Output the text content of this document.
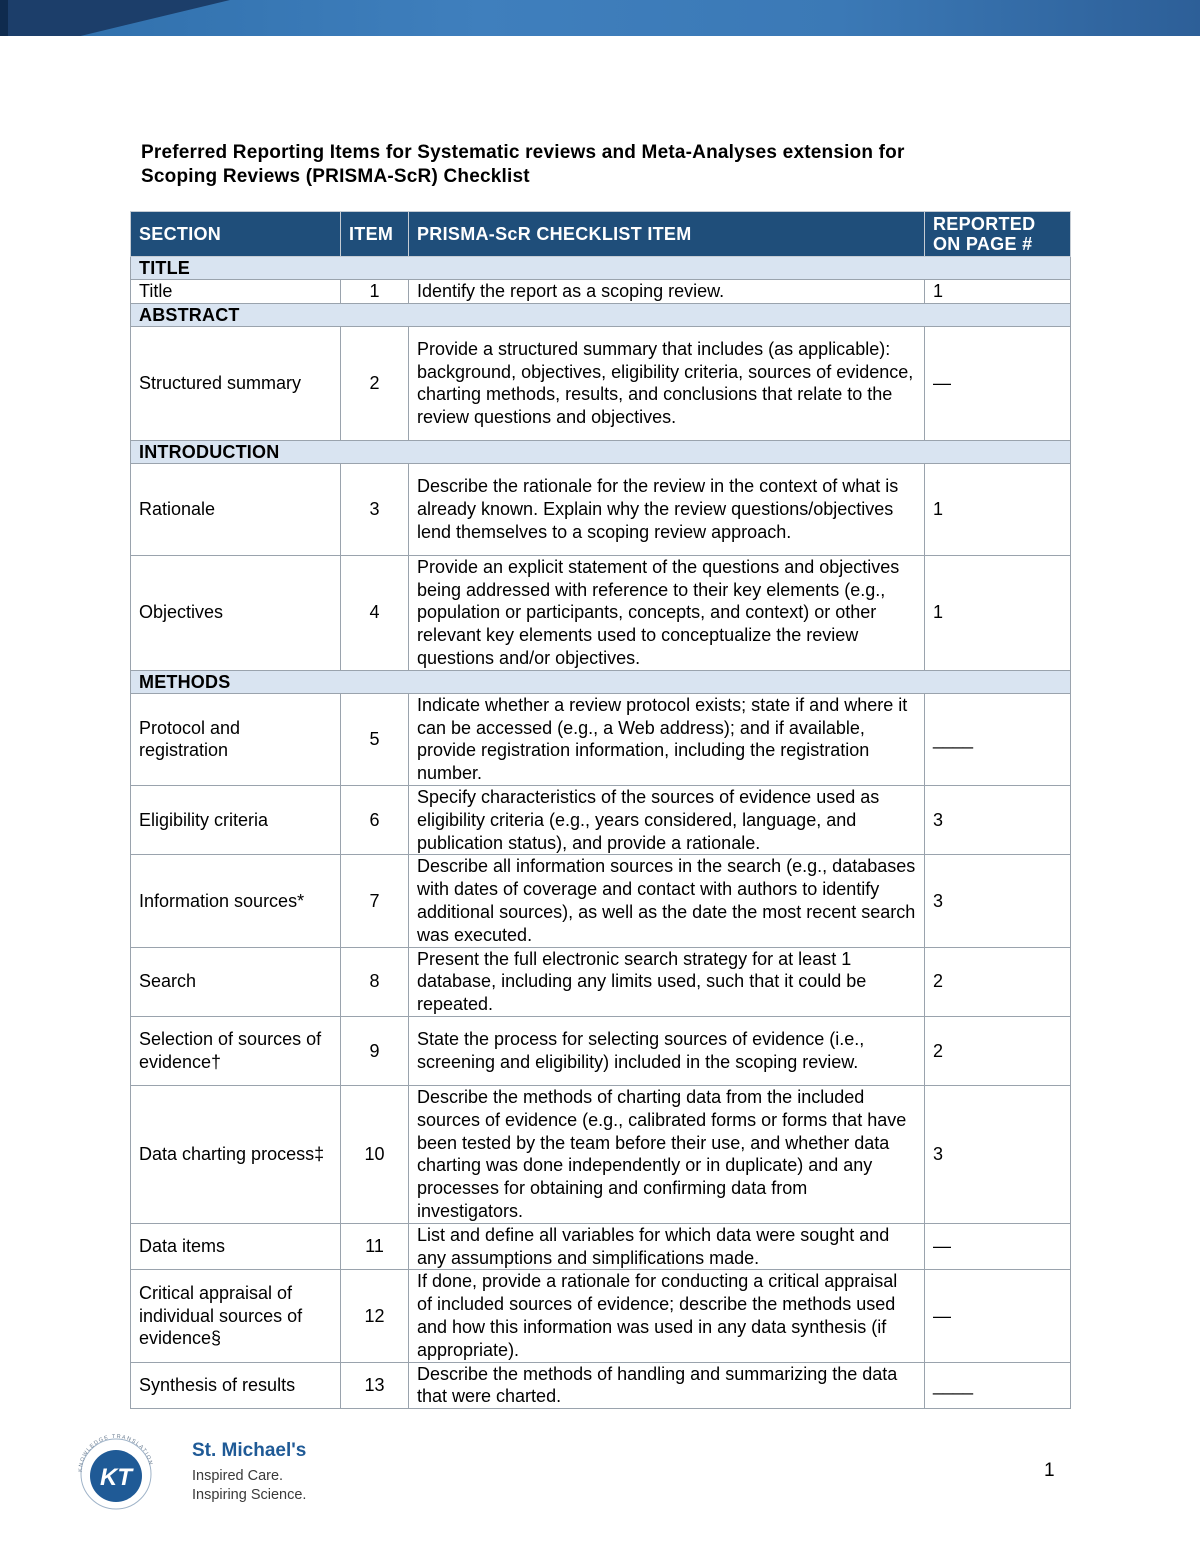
Preferred Reporting Items for Systematic reviews and Meta-Analyses extension for
Scoping Reviews (PRISMA-ScR) Checklist
SECTION	ITEM	PRISMA-ScR CHECKLIST ITEM	REPORTED
ON PAGE #

TITLE			
Title	1	Identify the report as a scoping review.	1
ABSTRACT			
Structured summary	2	Provide a structured summary that includes (as applicable): background, objectives, eligibility criteria, sources of evidence, charting methods, results, and conclusions that relate to the review questions and objectives.	—
INTRODUCTION			
Rationale	3	Describe the rationale for the review in the context of what is already known. Explain why the review questions/objectives lend themselves to a scoping review approach.	1
Objectives	4	Provide an explicit statement of the questions and objectives being addressed with reference to their key elements (e.g., population or participants, concepts, and context) or other relevant key elements used to conceptualize the review questions and/or objectives.	1
METHODS			
Protocol and registration	5	Indicate whether a review protocol exists; state if and where it can be accessed (e.g., a Web address); and if available, provide registration information, including the registration number.	____
Eligibility criteria	6	Specify characteristics of the sources of evidence used as eligibility criteria (e.g., years considered, language, and publication status), and provide a rationale.	3
Information sources*	7	Describe all information sources in the search (e.g., databases with dates of coverage and contact with authors to identify additional sources), as well as the date the most recent search was executed.	3
Search	8	Present the full electronic search strategy for at least 1 database, including any limits used, such that it could be repeated.	2
Selection of sources of evidence†	9	State the process for selecting sources of evidence (i.e., screening and eligibility) included in the scoping review.	2
Data charting process‡	10	Describe the methods of charting data from the included sources of evidence (e.g., calibrated forms or forms that have been tested by the team before their use, and whether data charting was done independently or in duplicate) and any processes for obtaining and confirming data from investigators.	3
Data items	11	List and define all variables for which data were sought and any assumptions and simplifications made.	—
Critical appraisal of individual sources of evidence§	12	If done, provide a rationale for conducting a critical appraisal of included sources of evidence; describe the methods used and how this information was used in any data synthesis (if appropriate).	—
Synthesis of results	13	Describe the methods of handling and summarizing the data that were charted.	____
KNOWLEDGE TRANSLATION
KT
St. Michael's
Inspired Care.
Inspiring Science.
1
